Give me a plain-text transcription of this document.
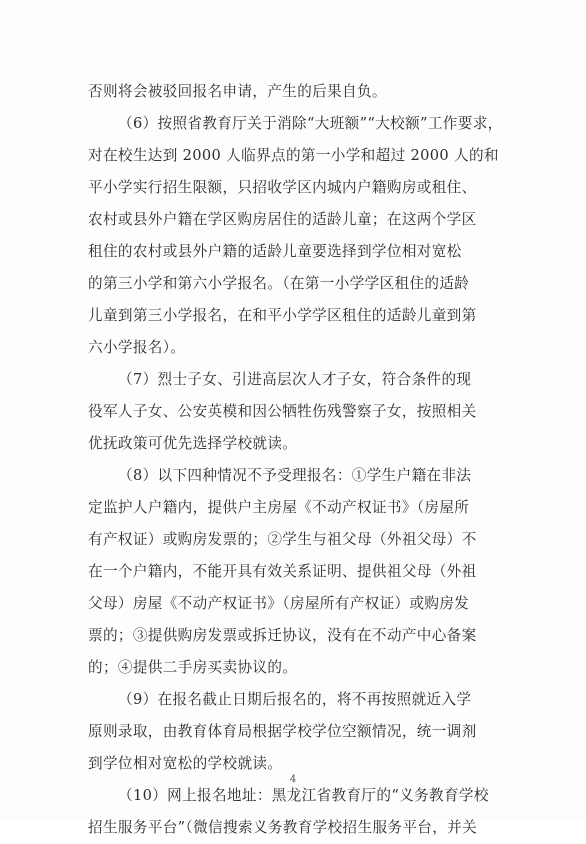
否则将会被驳回报名申请，产生的后果自负。
（6）按照省教育厅关于消除“大班额”“大校额”工作要求，
对在校生达到 2000 人临界点的第一小学和超过 2000 人的和
平小学实行招生限额，只招收学区内城内户籍购房或租住、
农村或县外户籍在学区购房居住的适龄儿童；在这两个学区
租住的农村或县外户籍的适龄儿童要选择到学位相对宽松
的第三小学和第六小学报名。（在第一小学学区租住的适龄
儿童到第三小学报名，在和平小学学区租住的适龄儿童到第
六小学报名）。
（7）烈士子女、引进高层次人才子女，符合条件的现
役军人子女、公安英模和因公牺牲伤残警察子女，按照相关
优抚政策可优先选择学校就读。
（8）以下四种情况不予受理报名：①学生户籍在非法
定监护人户籍内，提供户主房屋《不动产权证书》（房屋所
有产权证）或购房发票的；②学生与祖父母（外祖父母）不
在一个户籍内，不能开具有效关系证明、提供祖父母（外祖
父母）房屋《不动产权证书》（房屋所有产权证）或购房发
票的；③提供购房发票或拆迁协议，没有在不动产中心备案
的；④提供二手房买卖协议的。
（9）在报名截止日期后报名的，将不再按照就近入学
原则录取，由教育体育局根据学校学位空额情况，统一调剂
到学位相对宽松的学校就读。
（10）网上报名地址：黑龙江省教育厅的“义务教育学校
招生服务平台”（微信搜索义务教育学校招生服务平台，并关
4
